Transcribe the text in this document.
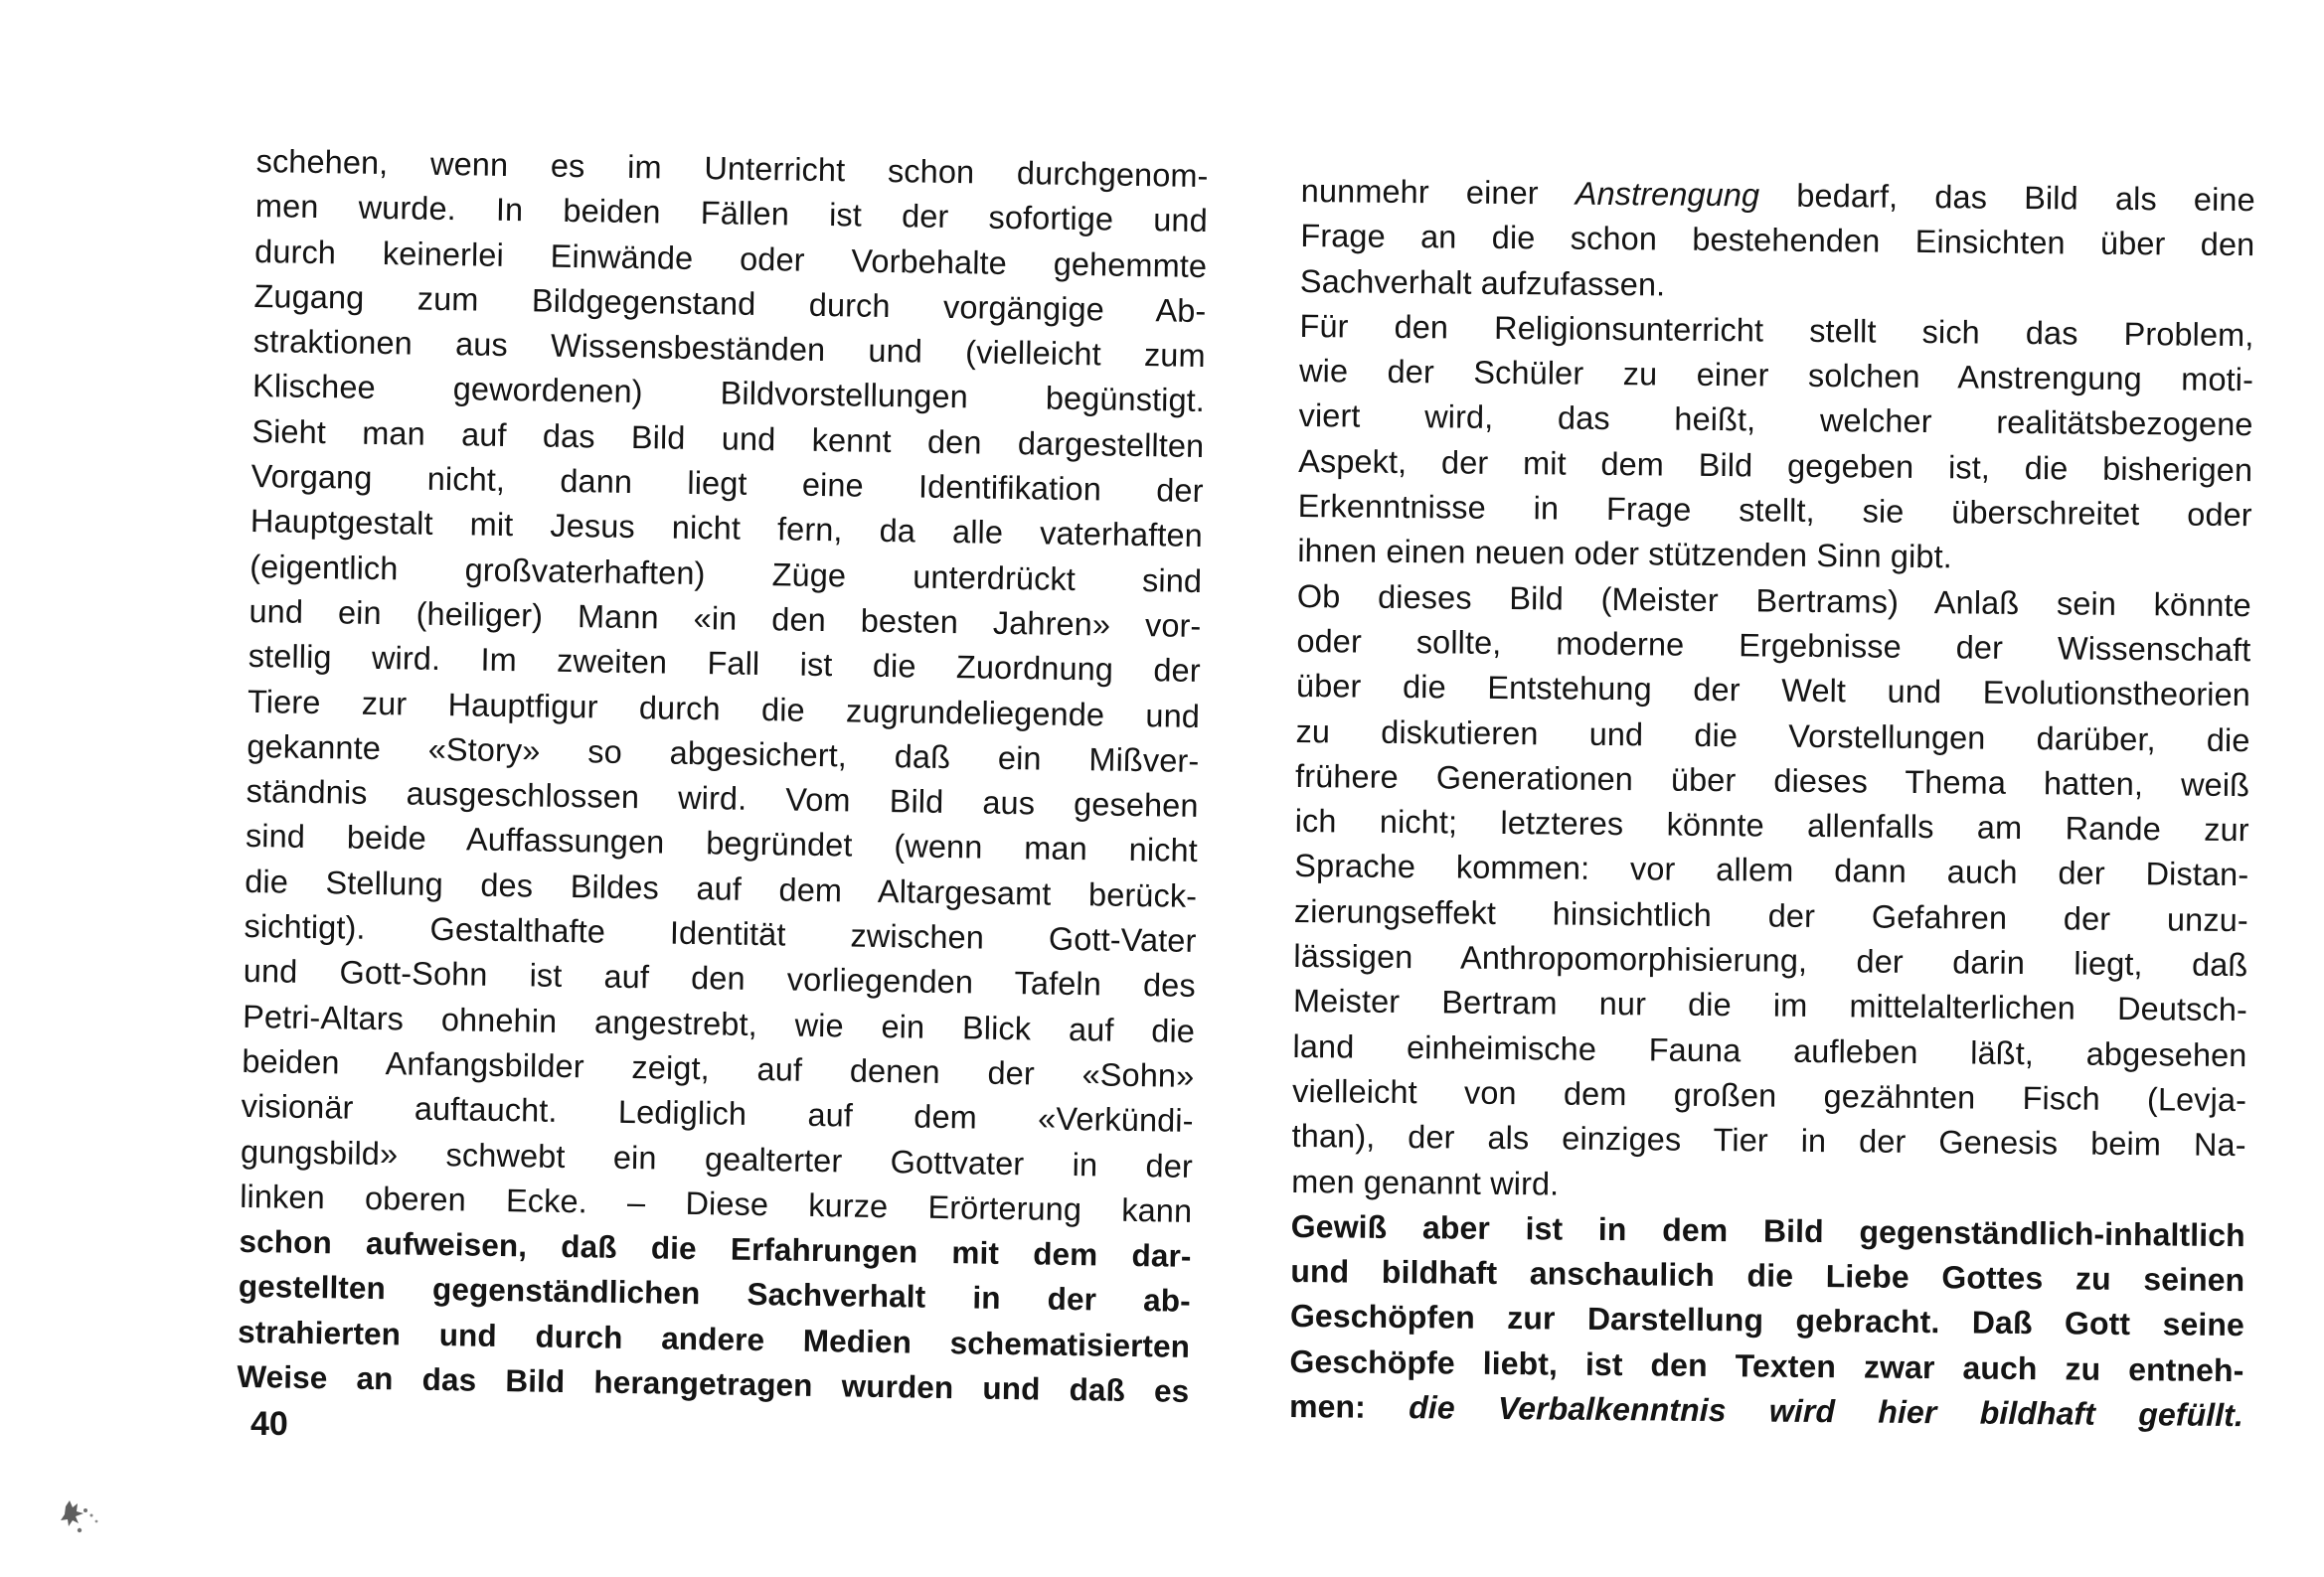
schehen, wenn es im Unterricht schon durchgenom-
men wurde. In beiden Fällen ist der sofortige und
durch keinerlei Einwände oder Vorbehalte gehemmte
Zugang zum Bildgegenstand durch vorgängige Ab-
straktionen aus Wissensbeständen und (vielleicht zum
Klischee gewordenen) Bildvorstellungen begünstigt.
Sieht man auf das Bild und kennt den dargestellten
Vorgang nicht, dann liegt eine Identifikation der
Hauptgestalt mit Jesus nicht fern, da alle vaterhaften
(eigentlich großvaterhaften) Züge unterdrückt sind
und ein (heiliger) Mann «in den besten Jahren» vor-
stellig wird. Im zweiten Fall ist die Zuordnung der
Tiere zur Hauptfigur durch die zugrundeliegende und
gekannte «Story» so abgesichert, daß ein Mißver-
ständnis ausgeschlossen wird. Vom Bild aus gesehen
sind beide Auffassungen begründet (wenn man nicht
die Stellung des Bildes auf dem Altargesamt berück-
sichtigt). Gestalthafte Identität zwischen Gott-Vater
und Gott-Sohn ist auf den vorliegenden Tafeln des
Petri-Altars ohnehin angestrebt, wie ein Blick auf die
beiden Anfangsbilder zeigt, auf denen der «Sohn»
visionär auftaucht. Lediglich auf dem «Verkündi-
gungsbild» schwebt ein gealterter Gottvater in der
linken oberen Ecke. – Diese kurze Erörterung kann
schon aufweisen, daß die Erfahrungen mit dem dar-
gestellten gegenständlichen Sachverhalt in der ab-
strahierten und durch andere Medien schematisierten
Weise an das Bild herangetragen wurden und daß es
40
nunmehr einer Anstrengung bedarf, das Bild als eine
Frage an die schon bestehenden Einsichten über den
Sachverhalt aufzufassen.
Für den Religionsunterricht stellt sich das Problem,
wie der Schüler zu einer solchen Anstrengung moti-
viert wird, das heißt, welcher realitätsbezogene
Aspekt, der mit dem Bild gegeben ist, die bisherigen
Erkenntnisse in Frage stellt, sie überschreitet oder
ihnen einen neuen oder stützenden Sinn gibt.
Ob dieses Bild (Meister Bertrams) Anlaß sein könnte
oder sollte, moderne Ergebnisse der Wissenschaft
über die Entstehung der Welt und Evolutionstheorien
zu diskutieren und die Vorstellungen darüber, die
frühere Generationen über dieses Thema hatten, weiß
ich nicht; letzteres könnte allenfalls am Rande zur
Sprache kommen: vor allem dann auch der Distan-
zierungseffekt hinsichtlich der Gefahren der unzu-
lässigen Anthropomorphisierung, der darin liegt, daß
Meister Bertram nur die im mittelalterlichen Deutsch-
land einheimische Fauna aufleben läßt, abgesehen
vielleicht von dem großen gezähnten Fisch (Levja-
than), der als einziges Tier in der Genesis beim Na-
men genannt wird.
Gewiß aber ist in dem Bild gegenständlich-inhaltlich
und bildhaft anschaulich die Liebe Gottes zu seinen
Geschöpfen zur Darstellung gebracht. Daß Gott seine
Geschöpfe liebt, ist den Texten zwar auch zu entneh-
men: die Verbalkenntnis wird hier bildhaft gefüllt.
